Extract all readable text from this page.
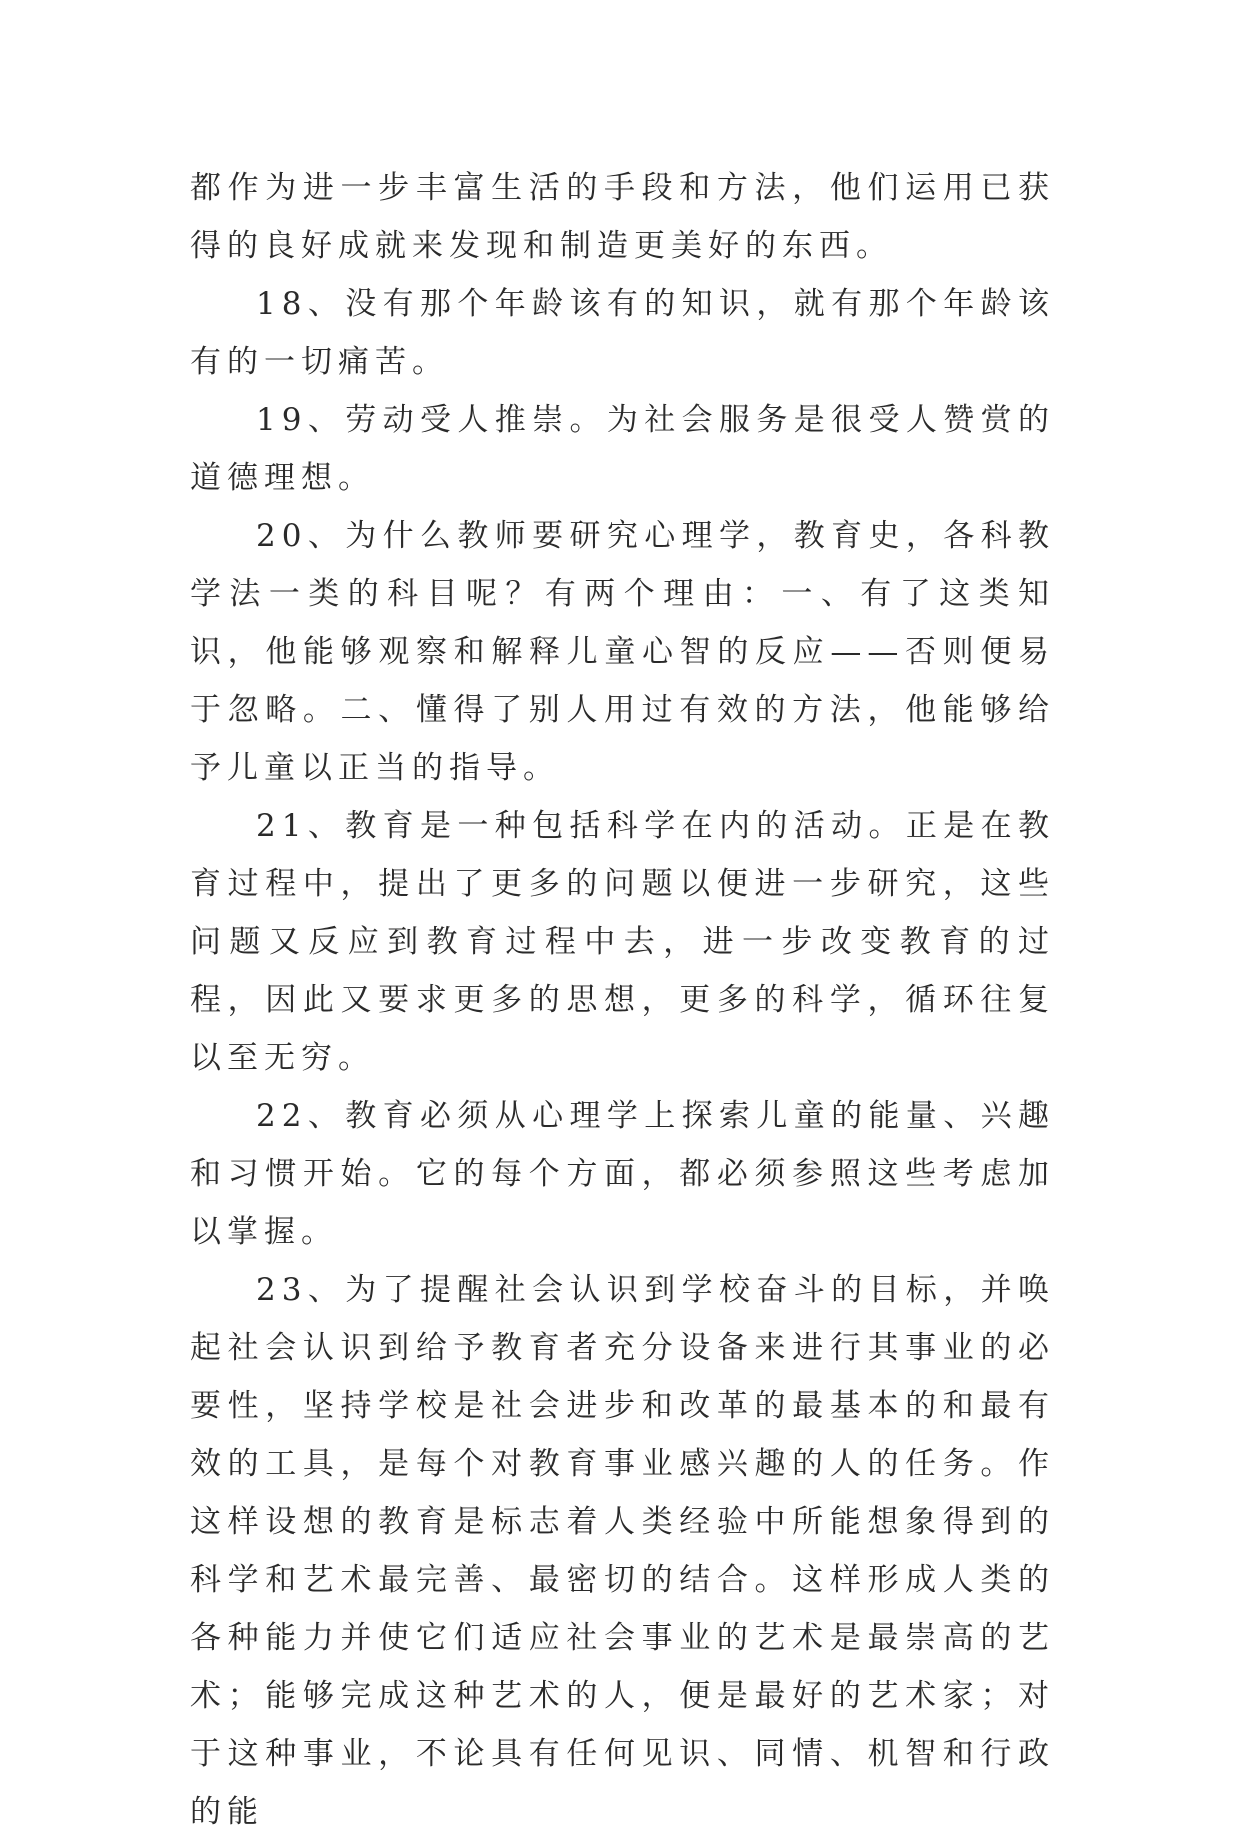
都作为进一步丰富生活的手段和方法，他们运用已获得的良好成就来发现和制造更美好的东西。

18、没有那个年龄该有的知识，就有那个年龄该有的一切痛苦。

19、劳动受人推崇。为社会服务是很受人赞赏的道德理想。

20、为什么教师要研究心理学，教育史，各科教学法一类的科目呢？有两个理由：一、有了这类知识，他能够观察和解释儿童心智的反应——否则便易于忽略。二、懂得了别人用过有效的方法，他能够给予儿童以正当的指导。

21、教育是一种包括科学在内的活动。正是在教育过程中，提出了更多的问题以便进一步研究，这些问题又反应到教育过程中去，进一步改变教育的过程，因此又要求更多的思想，更多的科学，循环往复以至无穷。

22、教育必须从心理学上探索儿童的能量、兴趣和习惯开始。它的每个方面，都必须参照这些考虑加以掌握。

23、为了提醒社会认识到学校奋斗的目标，并唤起社会认识到给予教育者充分设备来进行其事业的必要性，坚持学校是社会进步和改革的最基本的和最有效的工具，是每个对教育事业感兴趣的人的任务。作这样设想的教育是标志着人类经验中所能想象得到的科学和艺术最完善、最密切的结合。这样形成人类的各种能力并使它们适应社会事业的艺术是最崇高的艺术；能够完成这种艺术的人，便是最好的艺术家；对于这种事业，不论具有任何见识、同情、机智和行政的能
